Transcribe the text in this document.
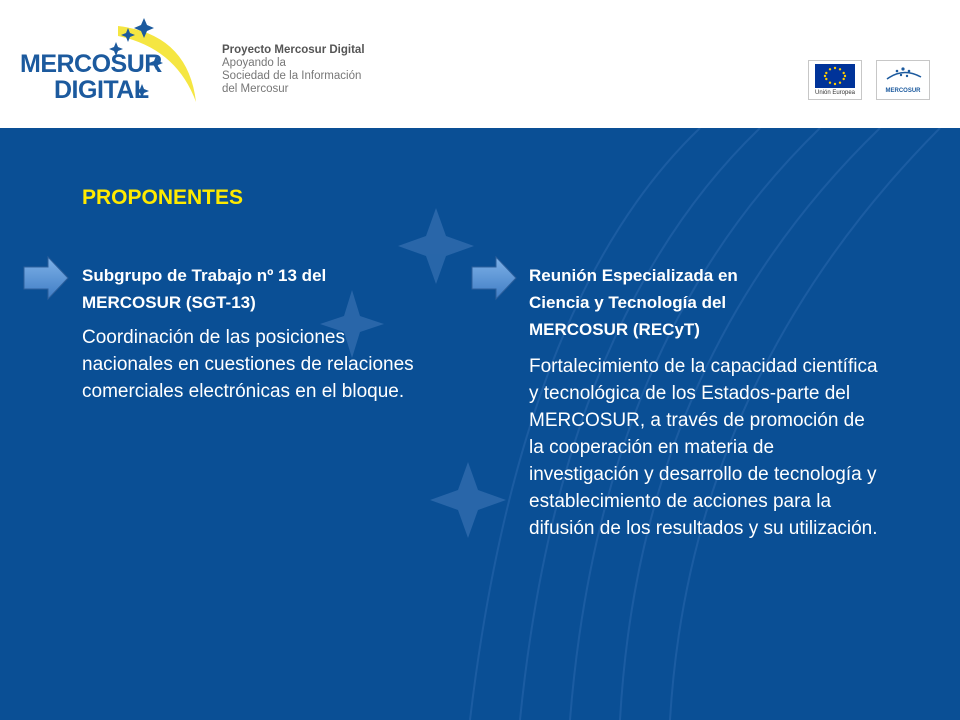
MERCOSUR
DIGITAL
Proyecto Mercosur Digital
Apoyando la
Sociedad de la Información
del Mercosur	Unión Europea	MERCOSUR
PROPONENTES
Subgrupo de Trabajo nº 13 del
MERCOSUR (SGT-13)
Coordinación de las posiciones nacionales en cuestiones de relaciones comerciales electrónicas en el bloque.
Reunión Especializada en
Ciencia y Tecnología del
MERCOSUR (RECyT)
Fortalecimiento de la capacidad científica y tecnológica de los Estados-parte del MERCOSUR, a través de promoción de la cooperación en materia de investigación y desarrollo de tecnología y establecimiento de acciones para la difusión de los resultados y su utilización.
